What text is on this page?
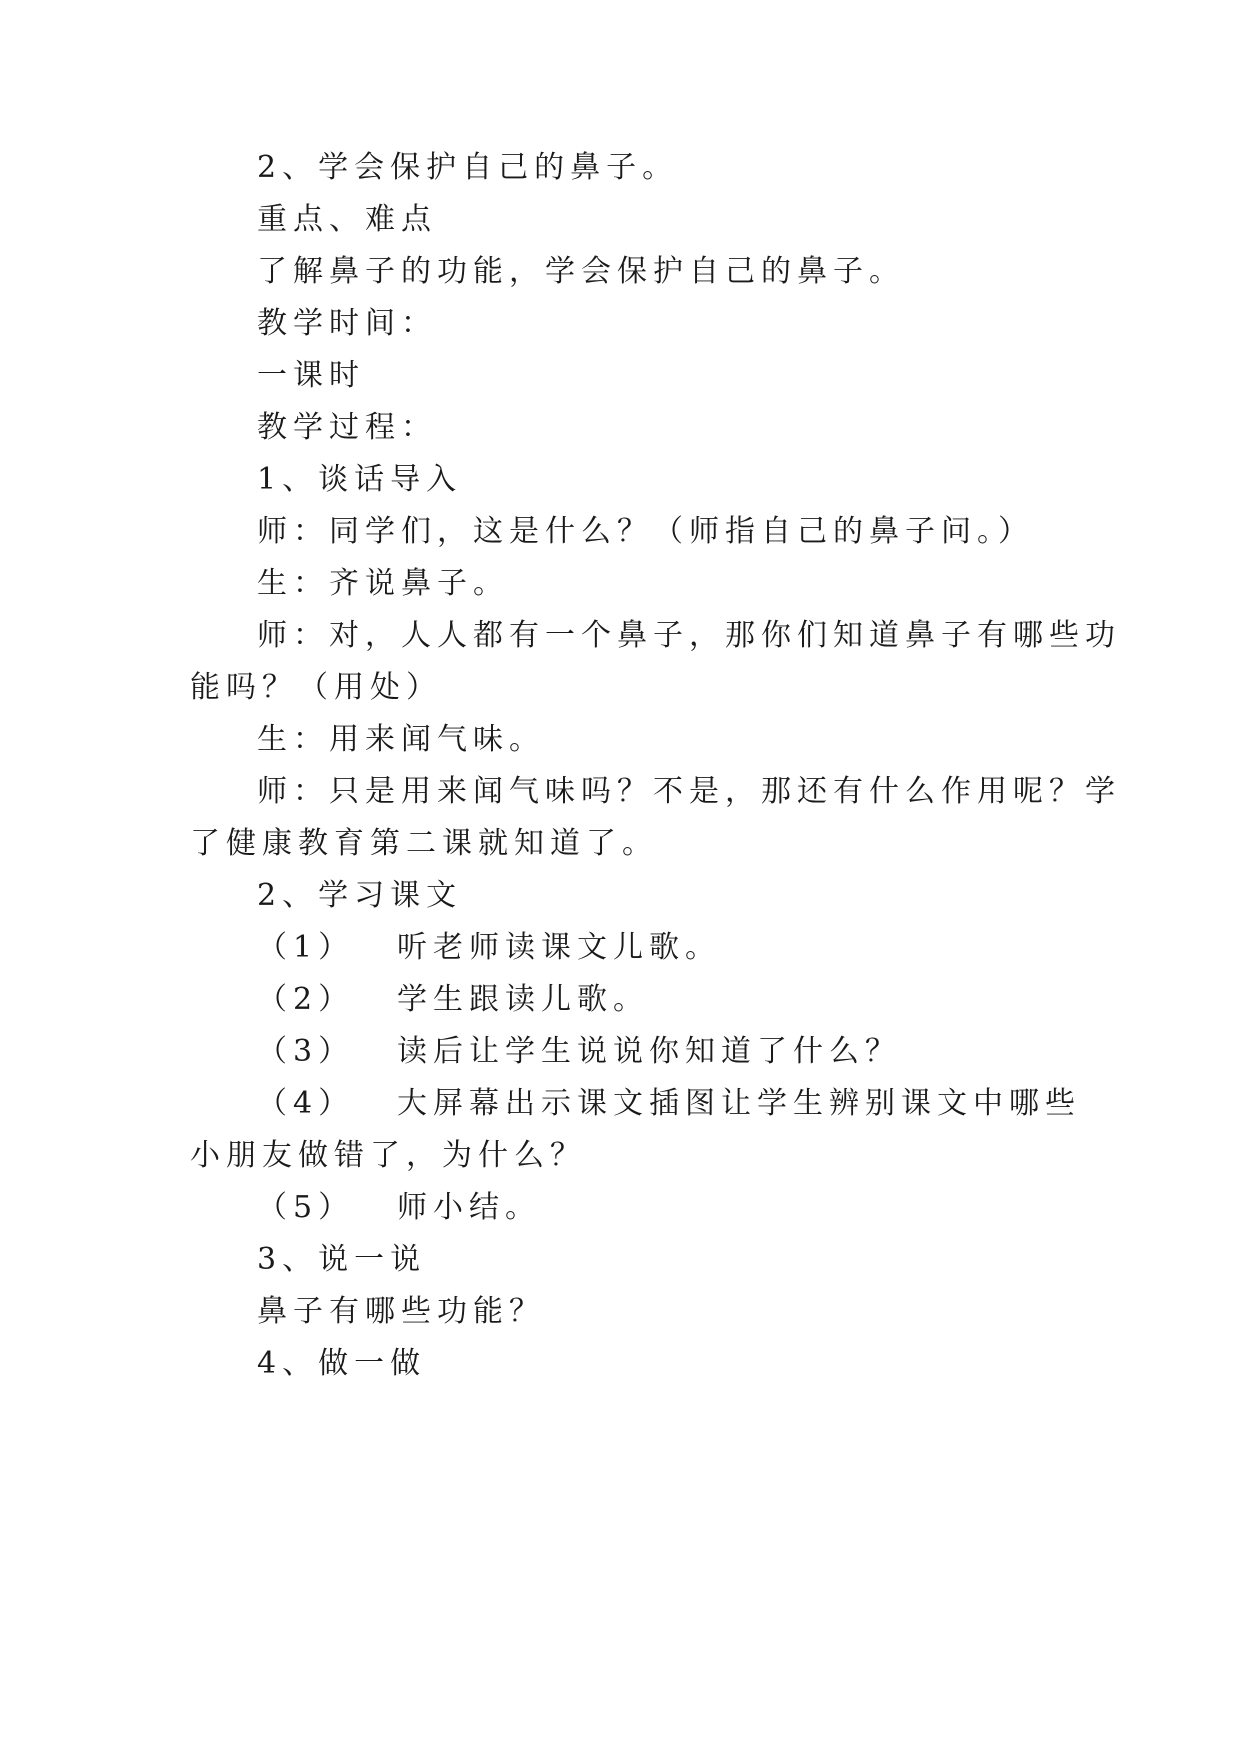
2、学会保护自己的鼻子。
重点、难点
了解鼻子的功能，学会保护自己的鼻子。
教学时间：
一课时
教学过程：
1、谈话导入
师：同学们，这是什么？（师指自己的鼻子问。）
生：齐说鼻子。
师：对，人人都有一个鼻子，那你们知道鼻子有哪些功
能吗？（用处）
生：用来闻气味。
师：只是用来闻气味吗？不是，那还有什么作用呢？学
了健康教育第二课就知道了。
2、学习课文
（1） 听老师读课文儿歌。
（2） 学生跟读儿歌。
（3） 读后让学生说说你知道了什么？
（4） 大屏幕出示课文插图让学生辨别课文中哪些
小朋友做错了，为什么？
（5） 师小结。
3、说一说
鼻子有哪些功能？
4、做一做
